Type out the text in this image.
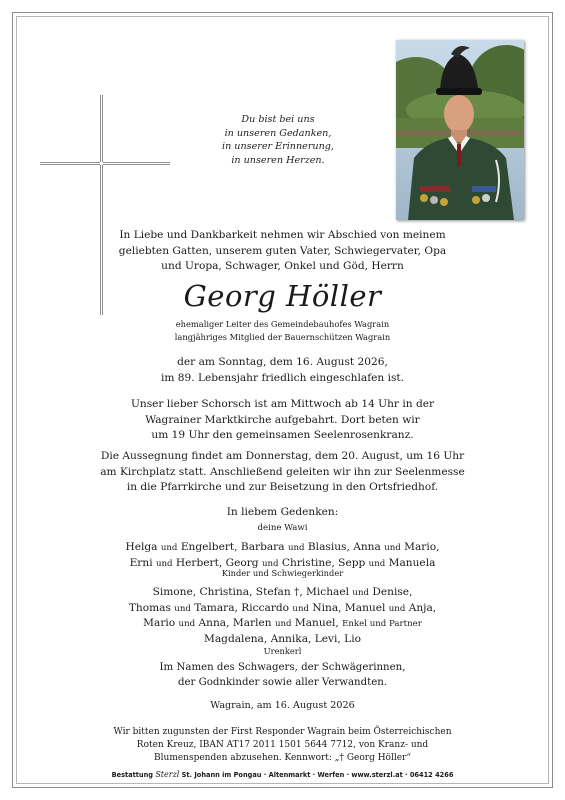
Du bist bei uns
in unseren Gedanken,
in unserer Erinnerung,
in unseren Herzen.
In Liebe und Dankbarkeit nehmen wir Abschied von meinem
geliebten Gatten, unserem guten Vater, Schwiegervater, Opa
und Uropa, Schwager, Onkel und Göd, Herrn
Georg Höller
ehemaliger Leiter des Gemeindebauhofes Wagrain
langjähriges Mitglied der Bauernschützen Wagrain
der am Sonntag, dem 16. August 2026,
im 89. Lebensjahr friedlich eingeschlafen ist.
Unser lieber Schorsch ist am Mittwoch ab 14 Uhr in der
Wagrainer Marktkirche aufgebahrt. Dort beten wir
um 19 Uhr den gemeinsamen Seelenrosenkranz.
Die Aussegnung findet am Donnerstag, dem 20. August, um 16 Uhr
am Kirchplatz statt. Anschließend geleiten wir ihn zur Seelenmesse
in die Pfarrkirche und zur Beisetzung in den Ortsfriedhof.
In liebem Gedenken:
deine Wawi
Helga und Engelbert, Barbara und Blasius, Anna und Mario,
Erni und Herbert, Georg und Christine, Sepp und Manuela
Kinder und Schwiegerkinder
Simone, Christina, Stefan †, Michael und Denise,
Thomas und Tamara, Riccardo und Nina, Manuel und Anja,
Mario und Anna, Marlen und Manuel, Enkel und Partner
Magdalena, Annika, Levi, Lio
Urenkerl
Im Namen des Schwagers, der Schwägerinnen,
der Godnkinder sowie aller Verwandten.
Wagrain, am 16. August 2026
Wir bitten zugunsten der First Responder Wagrain beim Österreichischen
Roten Kreuz, IBAN AT17 2011 1501 5644 7712, von Kranz- und
Blumenspenden abzusehen. Kennwort: „† Georg Höller“
Bestattung Sterzl St. Johann im Pongau · Altenmarkt · Werfen · www.sterzl.at · 06412 4266
